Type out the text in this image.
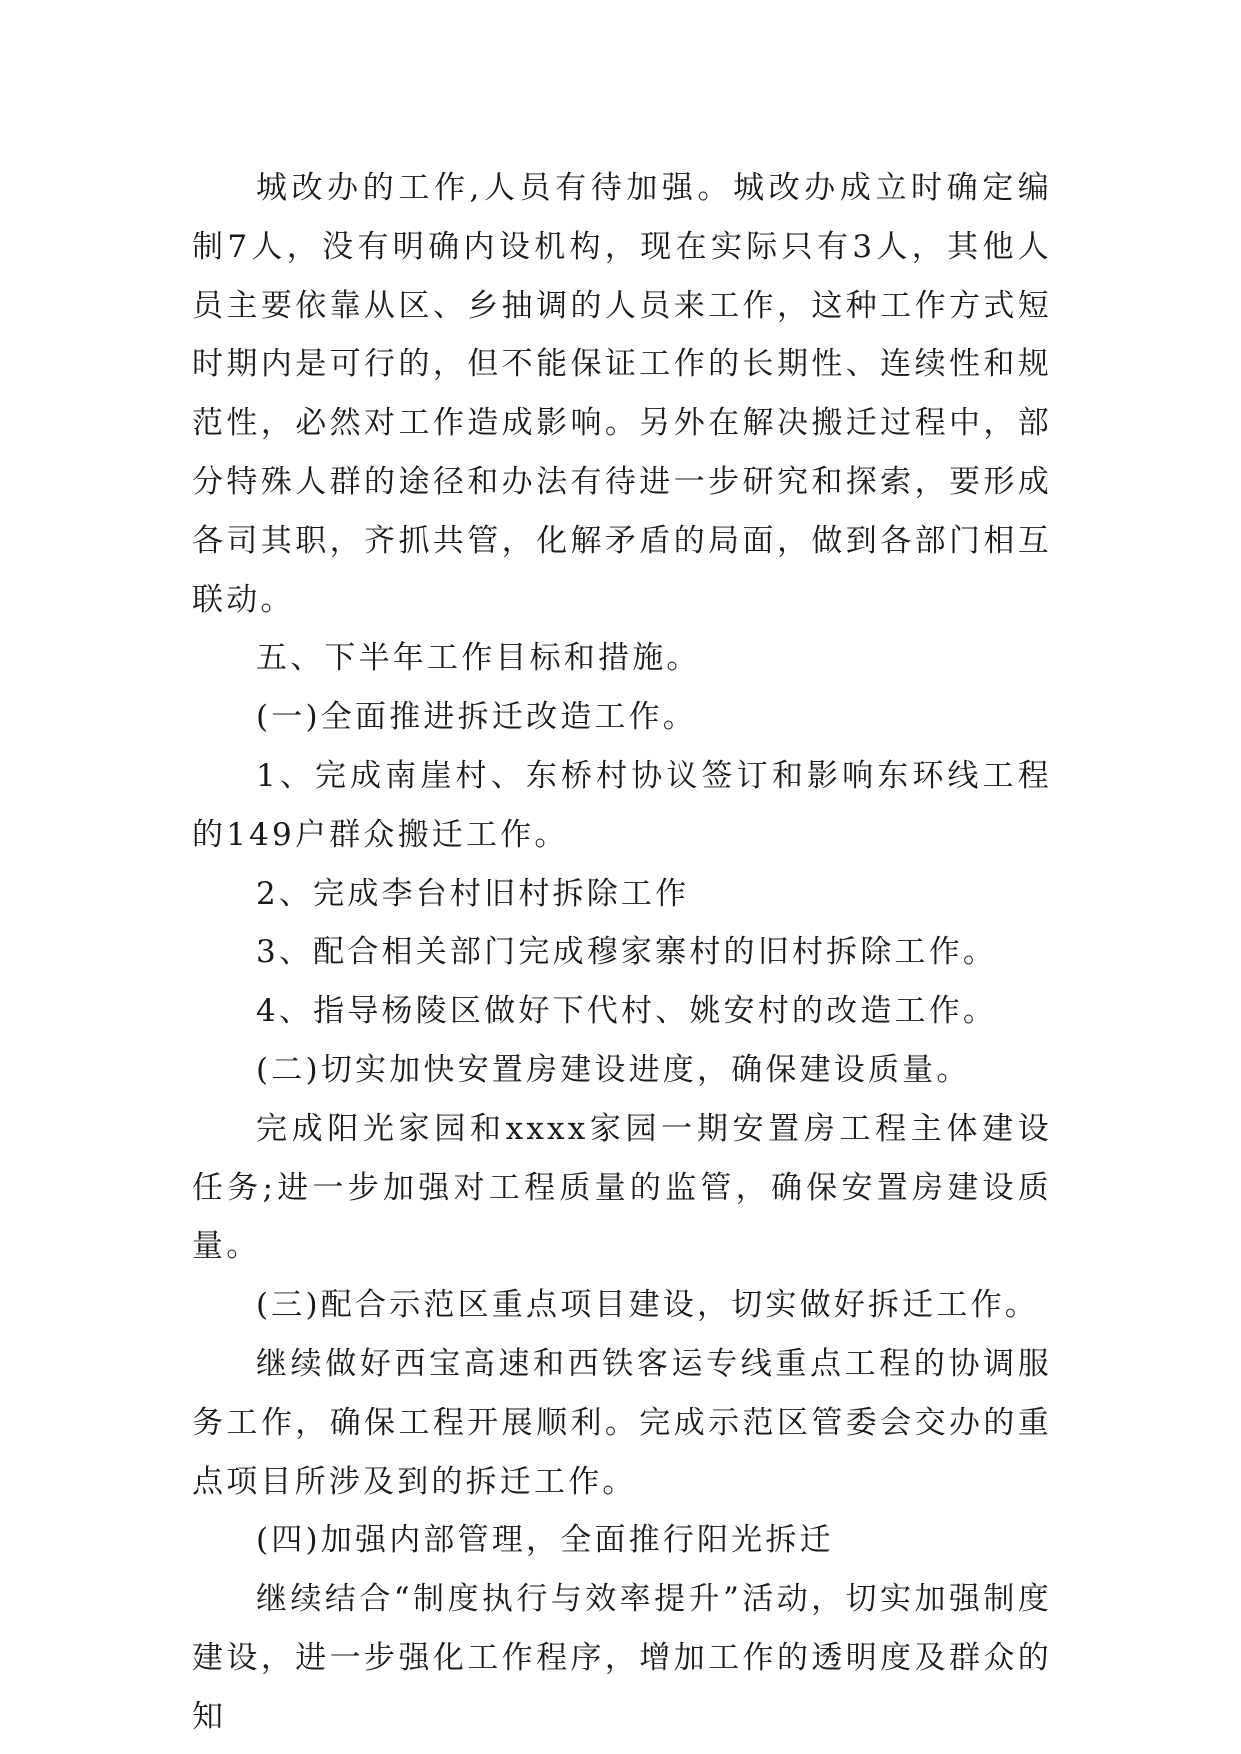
城改办的工作,人员有待加强。城改办成立时确定编制7人，没有明确内设机构，现在实际只有3人，其他人员主要依靠从区、乡抽调的人员来工作，这种工作方式短时期内是可行的，但不能保证工作的长期性、连续性和规范性，必然对工作造成影响。另外在解决搬迁过程中，部分特殊人群的途径和办法有待进一步研究和探索，要形成各司其职，齐抓共管，化解矛盾的局面，做到各部门相互联动。

五、下半年工作目标和措施。

(一)全面推进拆迁改造工作。

1、完成南崖村、东桥村协议签订和影响东环线工程的149户群众搬迁工作。

2、完成李台村旧村拆除工作

3、配合相关部门完成穆家寨村的旧村拆除工作。

4、指导杨陵区做好下代村、姚安村的改造工作。

(二)切实加快安置房建设进度，确保建设质量。

完成阳光家园和xxxx家园一期安置房工程主体建设任务;进一步加强对工程质量的监管，确保安置房建设质量。

(三)配合示范区重点项目建设，切实做好拆迁工作。

继续做好西宝高速和西铁客运专线重点工程的协调服务工作，确保工程开展顺利。完成示范区管委会交办的重点项目所涉及到的拆迁工作。

(四)加强内部管理，全面推行阳光拆迁

继续结合“制度执行与效率提升”活动，切实加强制度建设，进一步强化工作程序，增加工作的透明度及群众的知
